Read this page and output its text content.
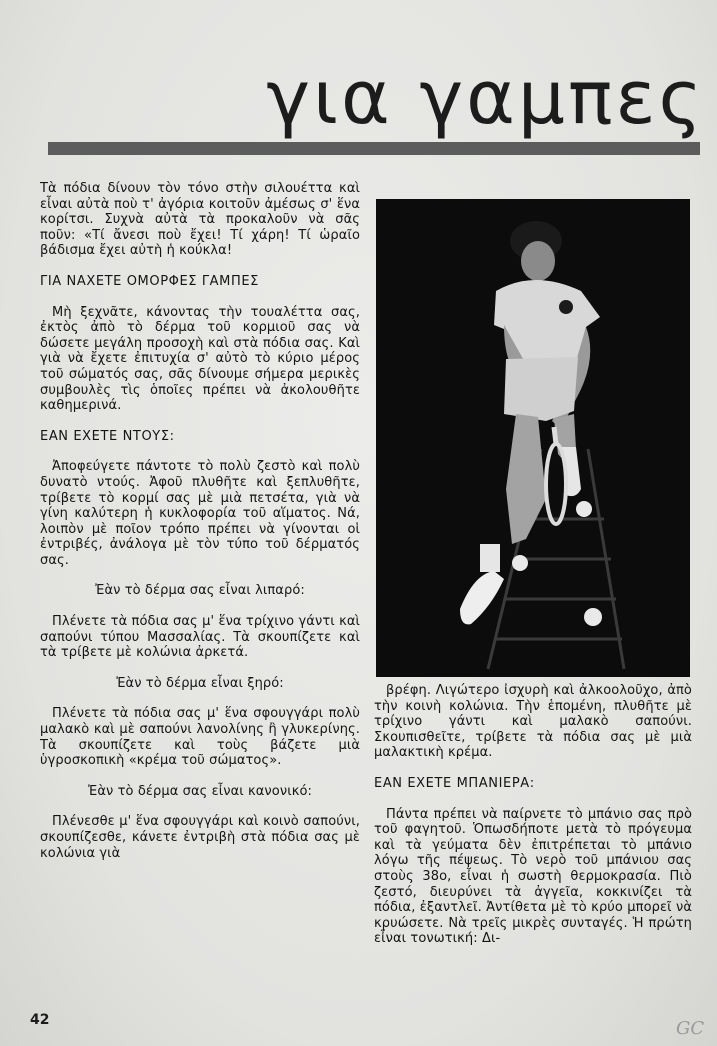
για γαμπες

Τὰ πόδια δίνουν τὸν τόνο στὴν σιλουέττα καὶ εἶναι αὐτὰ ποὺ τ' ἀγόρια κοιτοῦν ἀμέσως σ' ἕνα κορίτσι. Συχνὰ αὐτὰ τὰ προκαλοῦν νὰ σᾶς ποῦν: «Τί ἄνεσι ποὺ ἔχει! Τί χάρη! Τί ὡραῖο βάδισμα ἔχει αὐτὴ ἡ κούκλα!

ΓΙΑ ΝΑΧΕΤΕ ΟΜΟΡΦΕΣ ΓΑΜΠΕΣ

Μὴ ξεχνᾶτε, κάνοντας τὴν τουαλέττα σας, ἐκτὸς ἀπὸ τὸ δέρμα τοῦ κορμιοῦ σας νὰ δώσετε μεγάλη προσοχὴ καὶ στὰ πόδια σας. Καὶ γιὰ νὰ ἔχετε ἐπιτυχία σ' αὐτὸ τὸ κύριο μέρος τοῦ σώματός σας, σᾶς δίνουμε σήμερα μερικὲς συμβουλὲς τὶς ὁποῖες πρέπει νὰ ἀκολουθῆτε καθημερινά.

ΕΑΝ ΕΧΕΤΕ ΝΤΟΥΣ:

Ἀποφεύγετε πάντοτε τὸ πολὺ ζεστὸ καὶ πολὺ δυνατὸ ντούς. Ἀφοῦ πλυθῆτε καὶ ξεπλυθῆτε, τρίβετε τὸ κορμί σας μὲ μιὰ πετσέτα, γιὰ νὰ γίνη καλύτερη ἡ κυκλοφορία τοῦ αἵματος. Νά, λοιπὸν μὲ ποῖον τρόπο πρέπει νὰ γίνονται οἱ ἐντριβές, ἀνάλογα μὲ τὸν τύπο τοῦ δέρματός σας.

Ἐὰν τὸ δέρμα σας εἶναι λιπαρό:

Πλένετε τὰ πόδια σας μ' ἕνα τρίχινο γάντι καὶ σαπούνι τύπου Μασσαλίας. Τὰ σκουπίζετε καὶ τὰ τρίβετε μὲ κολώνια ἀρκετά.

Ἐὰν τὸ δέρμα εἶναι ξηρό:

Πλένετε τὰ πόδια σας μ' ἕνα σφουγγάρι πολὺ μαλακὸ καὶ μὲ σαπούνι λανολίνης ἢ γλυκερίνης. Τὰ σκουπίζετε καὶ τοὺς βάζετε μιὰ ὑγροσκοπικὴ «κρέμα τοῦ σώματος».

Ἐὰν τὸ δέρμα σας εἶναι κανονικό:

Πλένεσθε μ' ἕνα σφουγγάρι καὶ κοινὸ σαπούνι, σκουπίζεσθε, κάνετε ἐντριβὴ στὰ πόδια σας μὲ κολώνια γιὰ

βρέφη. Λιγώτερο ἰσχυρὴ καὶ ἀλκοολοῦχο, ἀπὸ τὴν κοινὴ κολώνια. Τὴν ἑπομένη, πλυθῆτε μὲ τρίχινο γάντι καὶ μαλακὸ σαπούνι. Σκουπισθεῖτε, τρίβετε τὰ πόδια σας μὲ μιὰ μαλακτικὴ κρέμα.

ΕΑΝ ΕΧΕΤΕ ΜΠΑΝΙΕΡΑ:

Πάντα πρέπει νὰ παίρνετε τὸ μπάνιο σας πρὸ τοῦ φαγητοῦ. Ὁπωσδήποτε μετὰ τὸ πρόγευμα καὶ τὰ γεύματα δὲν ἐπιτρέπεται τὸ μπάνιο λόγω τῆς πέψεως. Τὸ νερὸ τοῦ μπάνιου σας στοὺς 38ο, εἶναι ἡ σωστὴ θερμοκρασία. Πιὸ ζεστό, διευρύνει τὰ ἀγγεῖα, κοκκινίζει τὰ πόδια, ἐξαντλεῖ. Ἀντίθετα μὲ τὸ κρύο μπορεῖ νὰ κρυώσετε. Νὰ τρεῖς μικρὲς συνταγές. Ἡ πρώτη εἶναι τονωτική: Δι-

42	GC
